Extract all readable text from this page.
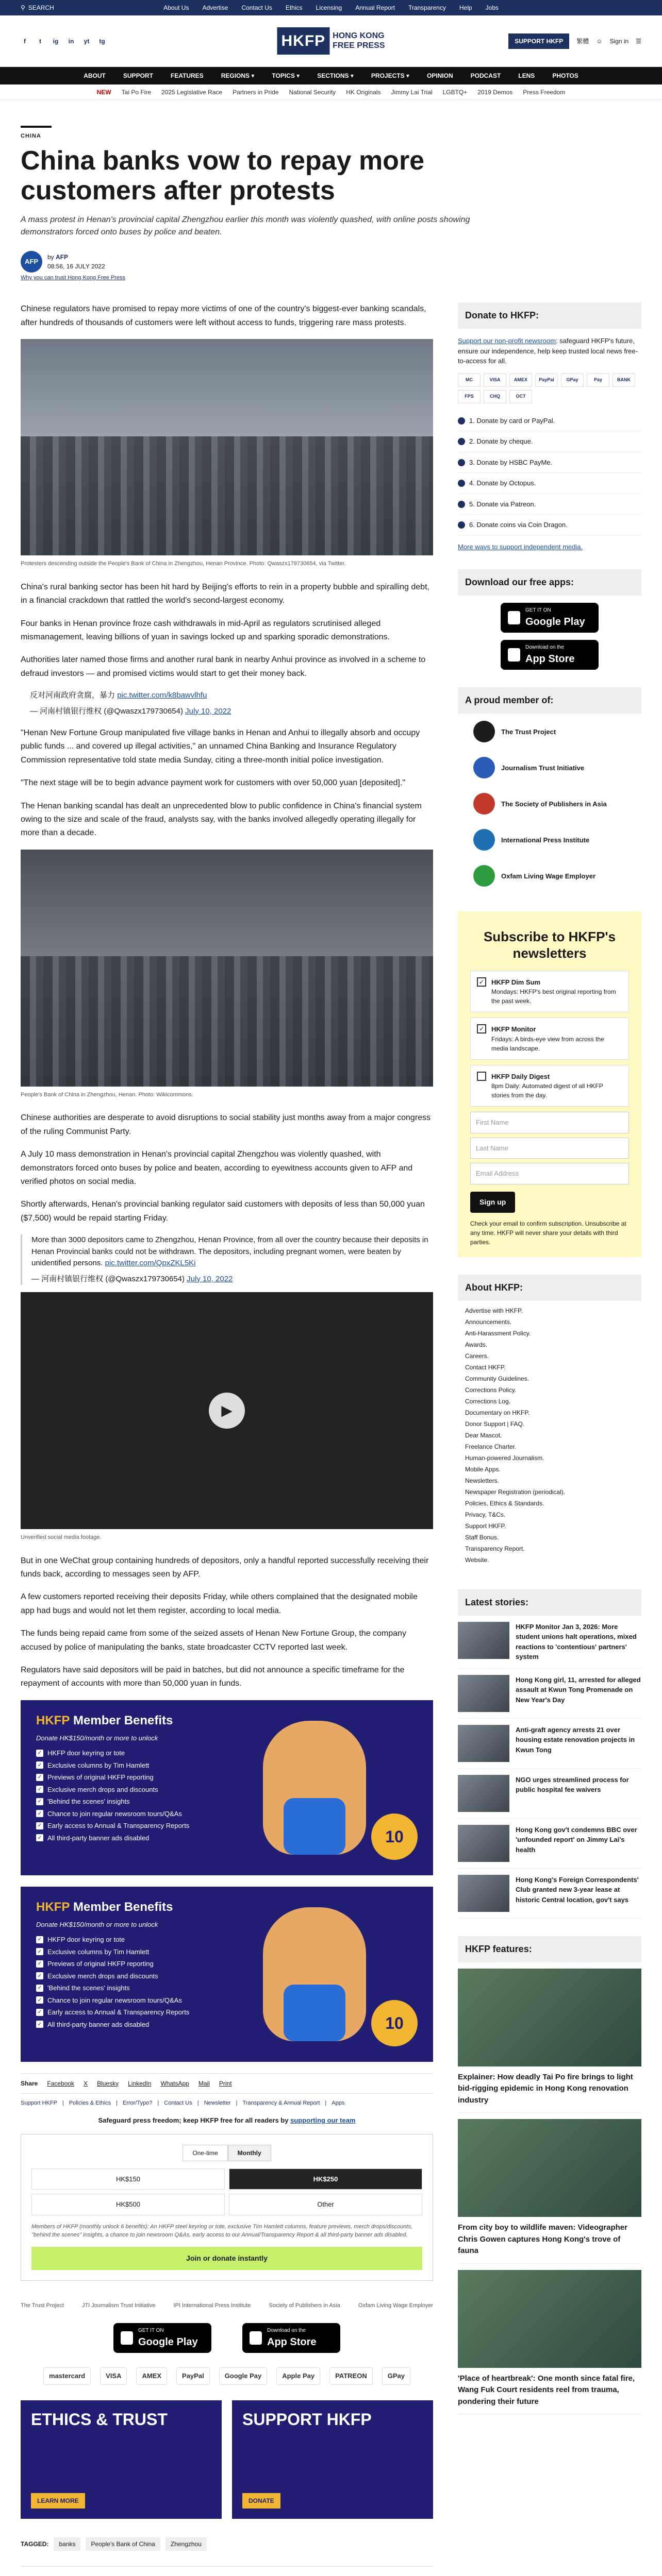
⚲ SEARCH	About Us Advertise Contact Us Ethics Licensing Annual Report Transparency Help Jobs
f	t	ig in yt tg	HKFP HONG KONG
FREE PRESS	SUPPORT HKFP	繁體 ☺ Sign in ☰
ABOUT	SUPPORT	FEATURES	REGIONS ▾	TOPICS ▾	SECTIONS ▾	PROJECTS ▾	OPINION	PODCAST	LENS	PHOTOS
NEW Tai Po Fire 2025 Legislative Race Partners in Pride National Security HK Originals Jimmy Lai Trial LGBTQ+ 2019 Demos Press Freedom
CHINA
China banks vow to repay more customers after protests
A mass protest in Henan's provincial capital Zhengzhou earlier this month was violently quashed, with online posts showing demonstrators forced onto buses by police and beaten.
AFP
by AFP
08:56, 16 JULY 2022
Why you can trust Hong Kong Free Press

Chinese regulators have promised to repay more victims of one of the country's biggest-ever banking scandals, after hundreds of thousands of customers were left without access to funds, triggering rare mass protests.

Protesters descending outside the People's Bank of China in Zhengzhou, Henan Province. Photo: Qwaszx179730654, via Twitter.

China's rural banking sector has been hit hard by Beijing's efforts to rein in a property bubble and spiralling debt, in a financial crackdown that rattled the world's second-largest economy.

Four banks in Henan province froze cash withdrawals in mid-April as regulators scrutinised alleged mismanagement, leaving billions of yuan in savings locked up and sparking sporadic demonstrations.

Authorities later named those firms and another rural bank in nearby Anhui province as involved in a scheme to defraud investors — and promised victims would start to get their money back.

反对河南政府贪腐，暴力 pic.twitter.com/k8bawvlhfu
— 河南村镇银行维权 (@Qwaszx179730654) July 10, 2022

"Henan New Fortune Group manipulated five village banks in Henan and Anhui to illegally absorb and occupy public funds ... and covered up illegal activities," an unnamed China Banking and Insurance Regulatory Commission representative told state media Sunday, citing a three-month initial police investigation.

"The next stage will be to begin advance payment work for customers with over 50,000 yuan [deposited]."

The Henan banking scandal has dealt an unprecedented blow to public confidence in China's financial system owing to the size and scale of the fraud, analysts say, with the banks involved allegedly operating illegally for more than a decade.

People's Bank of China in Zhengzhou, Henan. Photo: Wikicommons.

Chinese authorities are desperate to avoid disruptions to social stability just months away from a major congress of the ruling Communist Party.

A July 10 mass demonstration in Henan's provincial capital Zhengzhou was violently quashed, with demonstrators forced onto buses by police and beaten, according to eyewitness accounts given to AFP and verified photos on social media.

Shortly afterwards, Henan's provincial banking regulator said customers with deposits of less than 50,000 yuan ($7,500) would be repaid starting Friday.

More than 3000 depositors came to Zhengzhou, Henan Province, from all over the country because their deposits in Henan Provincial banks could not be withdrawn. The depositors, including pregnant women, were beaten by unidentified persons. pic.twitter.com/QpxZKL5Ki
— 河南村镇银行维权 (@Qwaszx179730654) July 10, 2022
▶
Unverified social media footage.

But in one WeChat group containing hundreds of depositors, only a handful reported successfully receiving their funds back, according to messages seen by AFP.

A few customers reported receiving their deposits Friday, while others complained that the designated mobile app had bugs and would not let them register, according to local media.

The funds being repaid came from some of the seized assets of Henan New Fortune Group, the company accused by police of manipulating the banks, state broadcaster CCTV reported last week.

Regulators have said depositors will be paid in batches, but did not announce a specific timeframe for the repayment of accounts with more than 50,000 yuan in funds.

HKFP Member Benefits
Donate HK$150/month or more to unlock
✓ HKFP door keyring or tote
✓ Exclusive columns by Tim Hamlett
✓ Previews of original HKFP reporting
✓ Exclusive merch drops and discounts
✓ 'Behind the scenes' insights
✓ Chance to join regular newsroom tours/Q&As
✓ Early access to Annual & Transparency Reports
✓ All third-party banner ads disabled	10
HKFP Member Benefits
Donate HK$150/month or more to unlock
✓ HKFP door keyring or tote
✓ Exclusive columns by Tim Hamlett
✓ Previews of original HKFP reporting
✓ Exclusive merch drops and discounts
✓ 'Behind the scenes' insights
✓ Chance to join regular newsroom tours/Q&As
✓ Early access to Annual & Transparency Reports
✓ All third-party banner ads disabled	10
Share Facebook X Bluesky LinkedIn WhatsApp Mail Print
Support HKFP | Policies & Ethics | Error/Typo? | Contact Us | Newsletter | Transparency & Annual Report | Apps
Safeguard press freedom; keep HKFP free for all readers by supporting our team
One-time	Monthly
HK$150	HK$250
HK$500	Other
Members of HKFP (monthly unlock 6 benefits): An HKFP steel keyring or tote, exclusive Tim Hamlett columns, feature previews, merch drops/discounts, "behind the scenes" insights, a chance to join newsroom Q&As, early access to our Annual/Transparency Report & all third-party banner ads disabled.
Join or donate instantly
The Trust Project	JTI Journalism Trust Initiative	IPI International Press Institute	Society of Publishers in Asia	Oxfam Living Wage Employer
GET IT ON
Google Play
Download on the
App Store
mastercard	VISA	AMEX	PayPal	Google Pay	Apple Pay	PATREON	GPay
ETHICS & TRUST
LEARN MORE
SUPPORT HKFP
DONATE
TAGGED:	banks	People's Bank of China	Zhengzhou
Donate to HKFP:

Support our non-profit newsroom: safeguard HKFP's future, ensure our independence, help keep trusted local news free-to-access for all.

MC	VISA	AMEX	PayPal	GPay	Pay	BANK
FPS	CHQ	OCT
1. Donate by card or PayPal.
2. Donate by cheque.
3. Donate by HSBC PayMe.
4. Donate by Octopus.
5. Donate via Patreon.
6. Donate coins via Coin Dragon.
More ways to support independent media.
Download our free apps:
GET IT ON
Google Play
Download on the
App Store
A proud member of:
The Trust Project
Journalism Trust Initiative
The Society of Publishers in Asia
International Press Institute
Oxfam Living Wage Employer
Subscribe to HKFP's newsletters
✓	HKFP Dim Sum
Mondays: HKFP's best original reporting from the past week.
✓	HKFP Monitor
Fridays: A birds-eye view from across the media landscape.
HKFP Daily Digest
8pm Daily: Automated digest of all HKFP stories from the day.
First Name
Last Name
Email Address
Sign up
Check your email to confirm subscription. Unsubscribe at any time. HKFP will never share your details with third parties.
About HKFP:
Advertise with HKFP.
Announcements.
Anti-Harassment Policy.
Awards.
Careers.
Contact HKFP.
Community Guidelines.
Corrections Policy.
Corrections Log.
Documentary on HKFP.
Donor Support | FAQ.
Dear Mascot.
Freelance Charter.
Human-powered Journalism.
Mobile Apps.
Newsletters.
Newspaper Registration (periodical).
Policies, Ethics & Standards.
Privacy, T&Cs.
Support HKFP.
Staff Bonus.
Transparency Report.
Website.
Latest stories:
HKFP Monitor Jan 3, 2026: More student unions halt operations, mixed reactions to 'contentious' partners' system
Hong Kong girl, 11, arrested for alleged assault at Kwun Tong Promenade on New Year's Day
Anti-graft agency arrests 21 over housing estate renovation projects in Kwun Tong
NGO urges streamlined process for public hospital fee waivers
Hong Kong gov't condemns BBC over 'unfounded report' on Jimmy Lai's health
Hong Kong's Foreign Correspondents' Club granted new 3-year lease at historic Central location, gov't says
HKFP features:
Explainer: How deadly Tai Po fire brings to light bid-rigging epidemic in Hong Kong renovation industry
From city boy to wildlife maven: Videographer Chris Gowen captures Hong Kong's trove of fauna
'Place of heartbreak': One month since fatal fire, Wang Fuk Court residents reel from trauma, pondering their future
